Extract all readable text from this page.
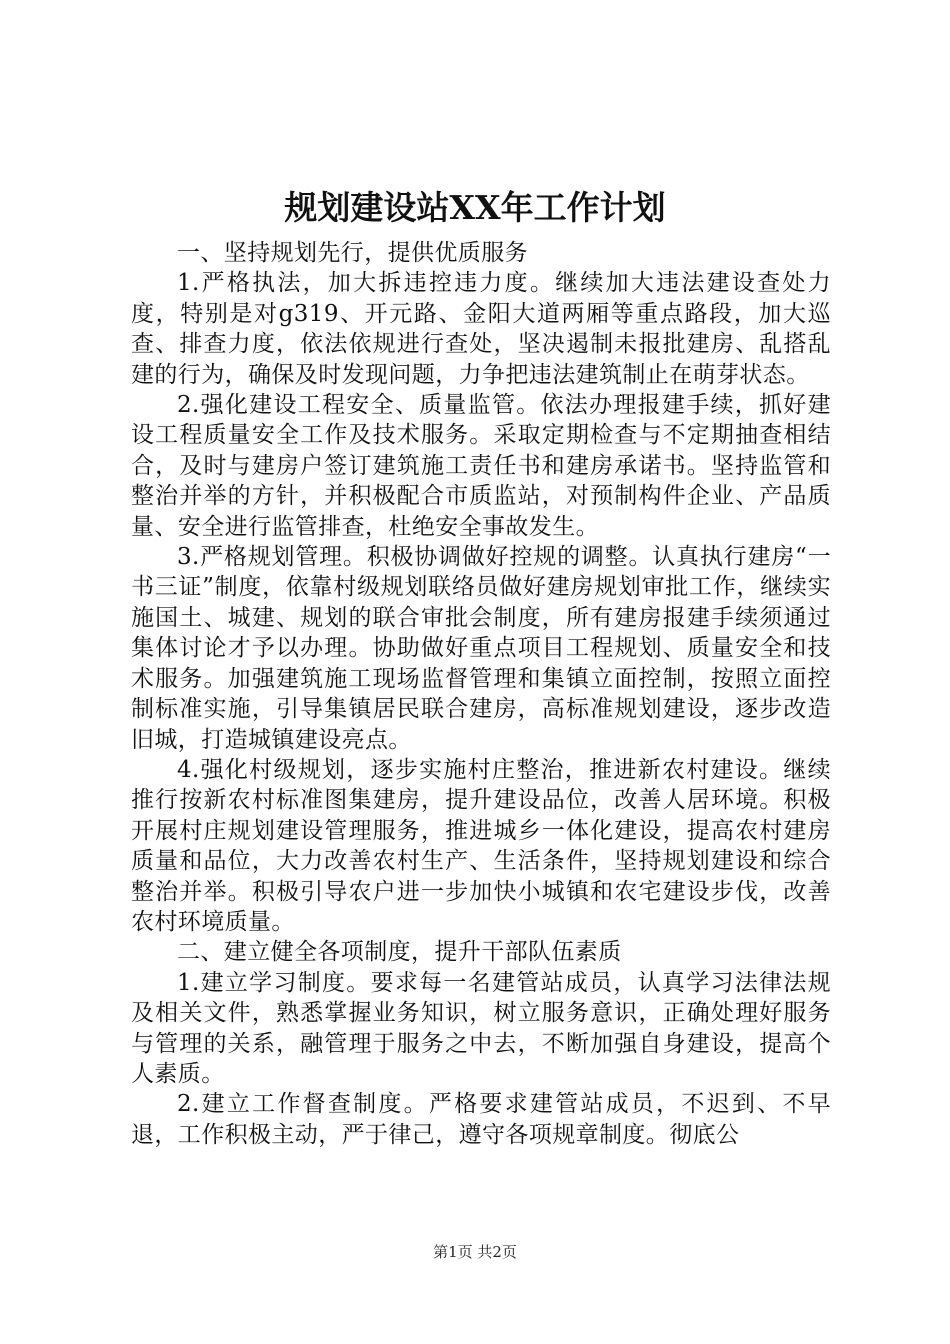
规划建设站XX年工作计划

一、坚持规划先行，提供优质服务

1.严格执法，加大拆违控违力度。继续加大违法建设查处力度，特别是对g319、开元路、金阳大道两厢等重点路段，加大巡查、排查力度，依法依规进行查处，坚决遏制未报批建房、乱搭乱建的行为，确保及时发现问题，力争把违法建筑制止在萌芽状态。

2.强化建设工程安全、质量监管。依法办理报建手续，抓好建设工程质量安全工作及技术服务。采取定期检查与不定期抽查相结合，及时与建房户签订建筑施工责任书和建房承诺书。坚持监管和整治并举的方针，并积极配合市质监站，对预制构件企业、产品质量、安全进行监管排查，杜绝安全事故发生。

3.严格规划管理。积极协调做好控规的调整。认真执行建房“一书三证”制度，依靠村级规划联络员做好建房规划审批工作，继续实施国土、城建、规划的联合审批会制度，所有建房报建手续须通过集体讨论才予以办理。协助做好重点项目工程规划、质量安全和技术服务。加强建筑施工现场监督管理和集镇立面控制，按照立面控制标准实施，引导集镇居民联合建房，高标准规划建设，逐步改造旧城，打造城镇建设亮点。

4.强化村级规划，逐步实施村庄整治，推进新农村建设。继续推行按新农村标准图集建房，提升建设品位，改善人居环境。积极开展村庄规划建设管理服务，推进城乡一体化建设，提高农村建房质量和品位，大力改善农村生产、生活条件，坚持规划建设和综合整治并举。积极引导农户进一步加快小城镇和农宅建设步伐，改善农村环境质量。

二、建立健全各项制度，提升干部队伍素质

1.建立学习制度。要求每一名建管站成员，认真学习法律法规及相关文件，熟悉掌握业务知识，树立服务意识，正确处理好服务与管理的关系，融管理于服务之中去，不断加强自身建设，提高个人素质。

2.建立工作督查制度。严格要求建管站成员，不迟到、不早退，工作积极主动，严于律己，遵守各项规章制度。彻底公

第1页 共2页
